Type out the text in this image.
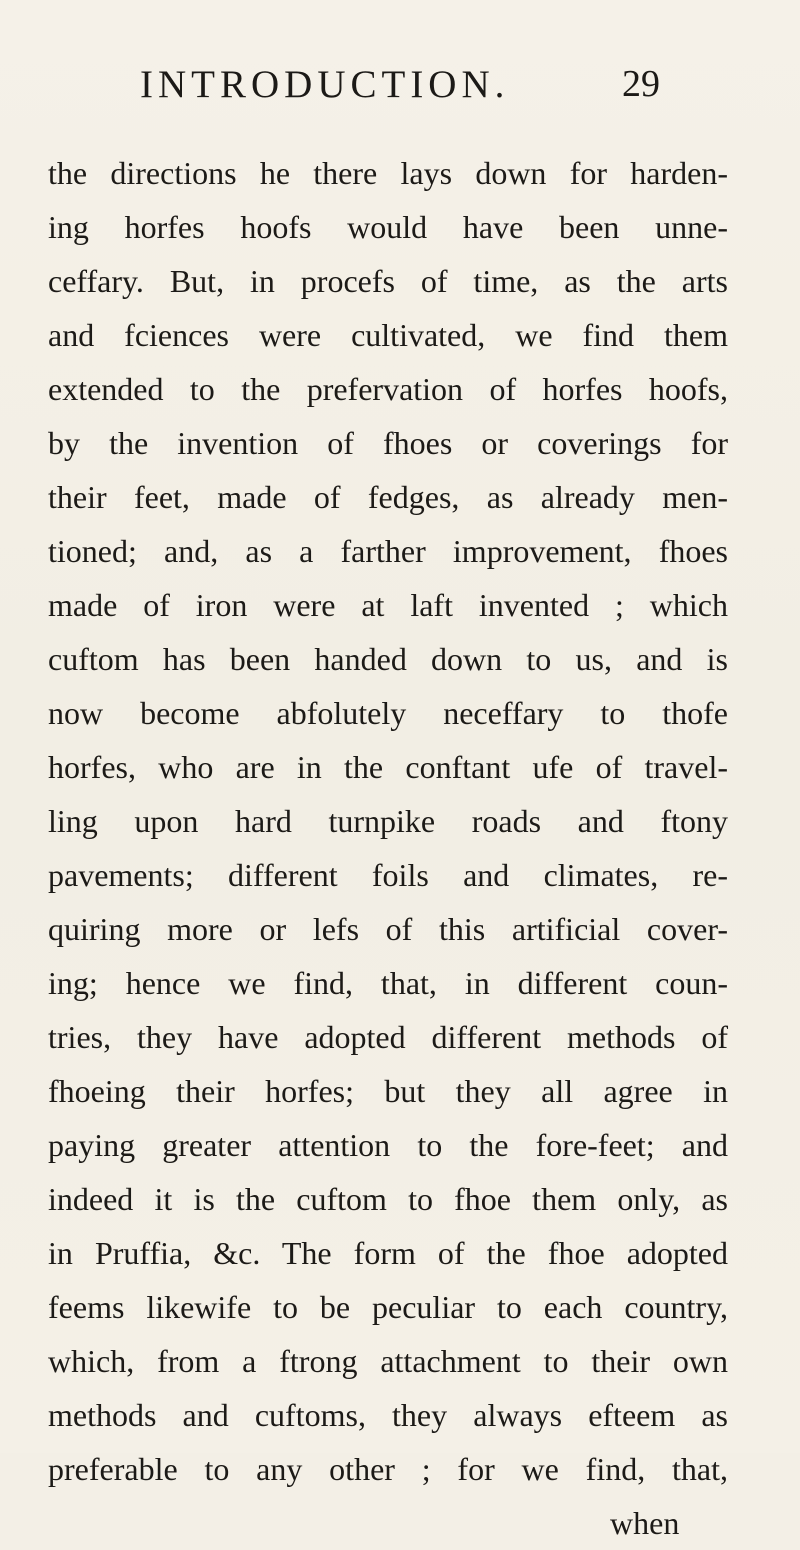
INTRODUCTION.	29
the directions he there lays down for harden-
ing horfes hoofs would have been unne-
ceffary. But, in procefs of time, as the arts
and fciences were cultivated, we find them
extended to the prefervation of horfes hoofs,
by the invention of fhoes or coverings for
their feet, made of fedges, as already men-
tioned; and, as a farther improvement, fhoes
made of iron were at laft invented ; which
cuftom has been handed down to us, and is
now become abfolutely neceffary to thofe
horfes, who are in the conftant ufe of travel-
ling upon hard turnpike roads and ftony
pavements; different foils and climates, re-
quiring more or lefs of this artificial cover-
ing; hence we find, that, in different coun-
tries, they have adopted different methods of
fhoeing their horfes; but they all agree in
paying greater attention to the fore-feet; and
indeed it is the cuftom to fhoe them only, as
in Pruffia, &c. The form of the fhoe adopted
feems likewife to be peculiar to each country,
which, from a ftrong attachment to their own
methods and cuftoms, they always efteem as
preferable to any other ; for we find, that,
when
